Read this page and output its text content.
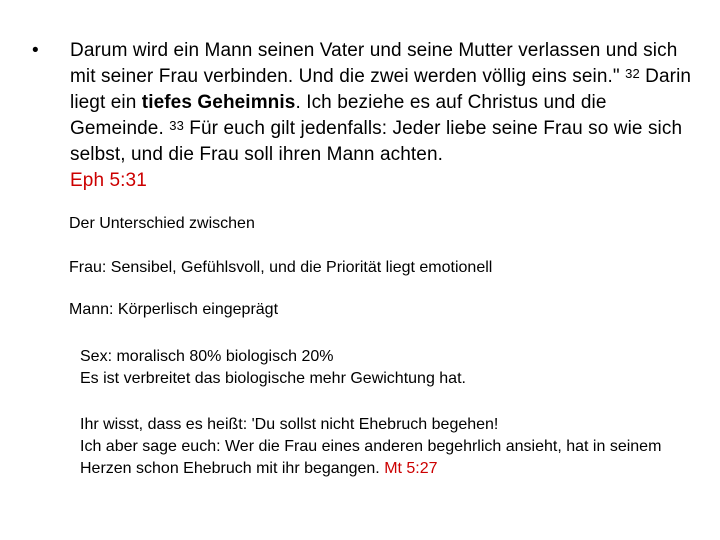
• Darum wird ein Mann seinen Vater und seine Mutter verlassen und sich mit seiner Frau verbinden. Und die zwei werden völlig eins sein." $^{32}$ Darin liegt ein tiefes Geheimnis. Ich beziehe es auf Christus und die Gemeinde. $^{33}$ Für euch gilt jedenfalls: Jeder liebe seine Frau so wie sich selbst, und die Frau soll ihren Mann achten.
Eph 5:31
Der Unterschied zwischen
Frau: Sensibel, Gefühlsvoll, und die Priorität liegt emotionell
Mann: Körperlisch eingeprägt
Sex: moralisch 80% biologisch 20%
Es ist verbreitet das biologische mehr Gewichtung hat.
Ihr wisst, dass es heißt: 'Du sollst nicht Ehebruch begehen!
Ich aber sage euch: Wer die Frau eines anderen begehrlich ansieht, hat in seinem Herzen schon Ehebruch mit ihr begangen. Mt 5:27
